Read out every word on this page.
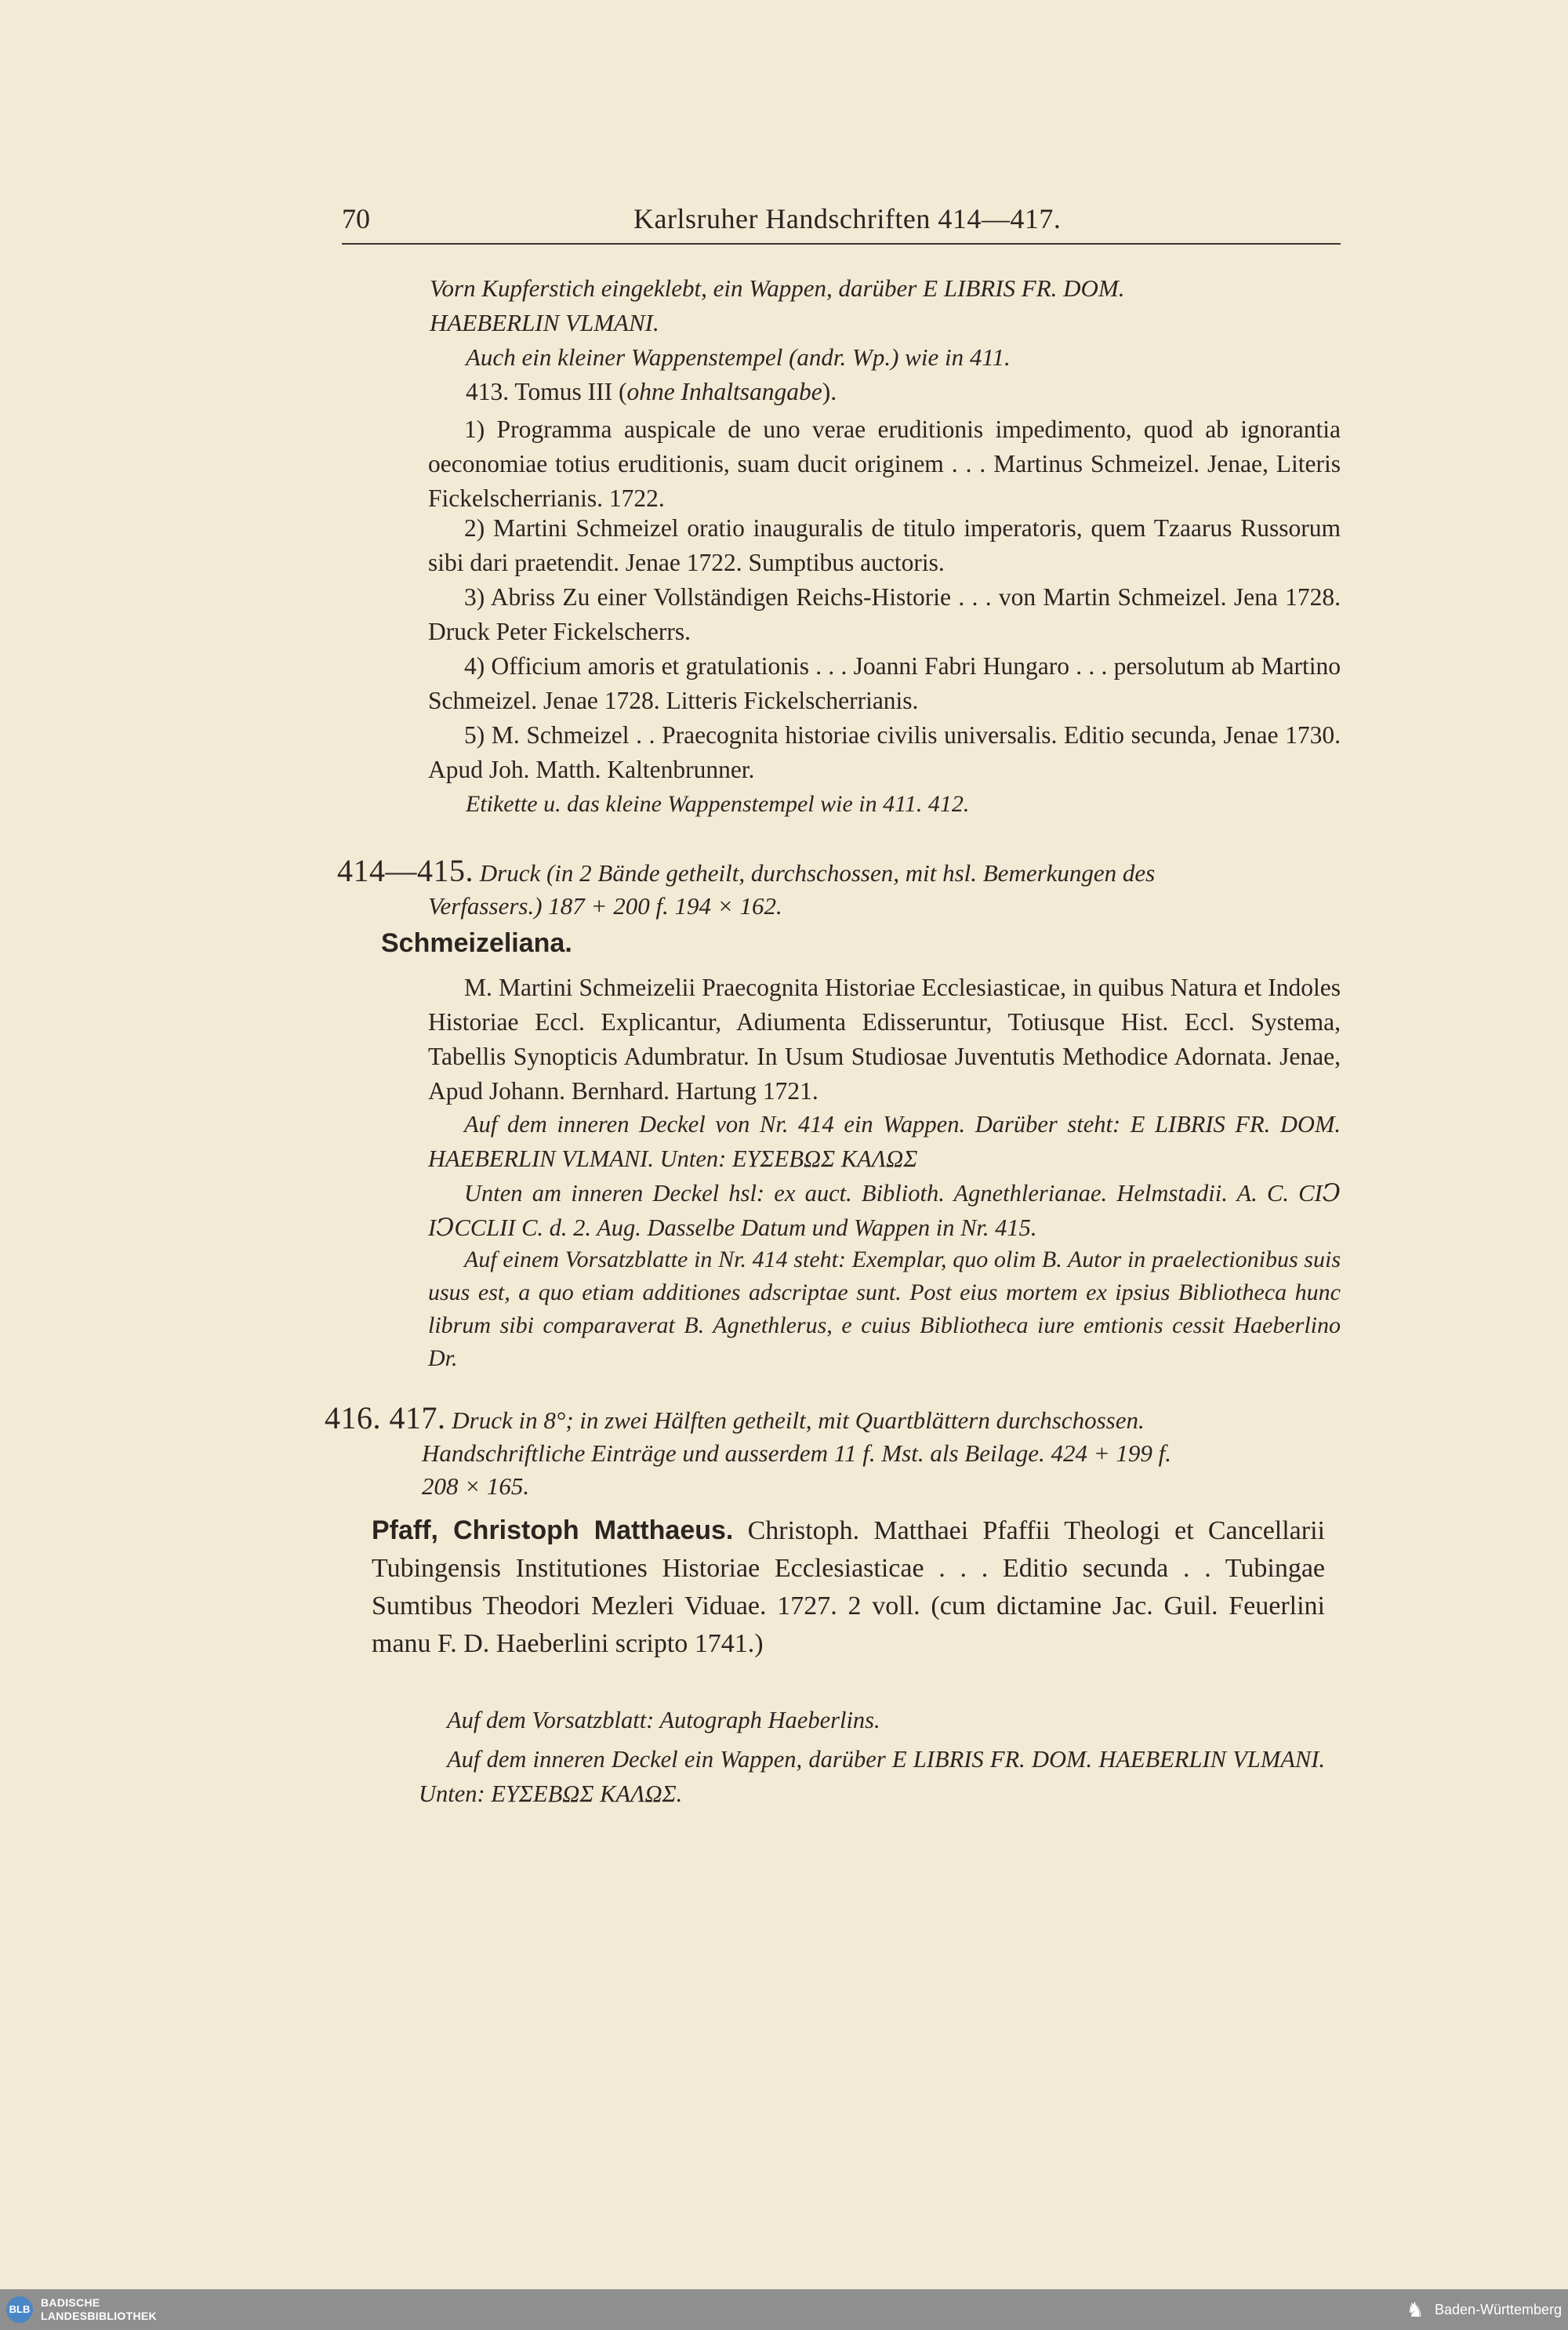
70	Karlsruher Handschriften 414—417.

Vorn Kupferstich eingeklebt, ein Wappen, darüber E LIBRIS FR. DOM.

HAEBERLIN VLMANI.

Auch ein kleiner Wappenstempel (andr. Wp.) wie in 411.

413. Tomus III (ohne Inhaltsangabe).

1) Programma auspicale de uno verae eruditionis impedimento, quod ab ignorantia oeconomiae totius eruditionis, suam ducit originem . . . Martinus Schmeizel. Jenae, Literis Fickelscherrianis. 1722.

2) Martini Schmeizel oratio inauguralis de titulo imperatoris, quem Tzaarus Russorum sibi dari praetendit. Jenae 1722. Sumptibus auctoris.

3) Abriss Zu einer Vollständigen Reichs-Historie . . . von Martin Schmeizel. Jena 1728. Druck Peter Fickelscherrs.

4) Officium amoris et gratulationis . . . Joanni Fabri Hungaro . . . persolutum ab Martino Schmeizel. Jenae 1728. Litteris Fickelscherrianis.

5) M. Schmeizel . . Praecognita historiae civilis universalis. Editio secunda, Jenae 1730. Apud Joh. Matth. Kaltenbrunner.

Etikette u. das kleine Wappenstempel wie in 411. 412.

414—415. Druck (in 2 Bände getheilt, durchschossen, mit hsl. Bemerkungen des
Verfassers.) 187 + 200 f. 194 × 162.

Schmeizeliana.

M. Martini Schmeizelii Praecognita Historiae Ecclesiasticae, in quibus Natura et Indoles Historiae Eccl. Explicantur, Adiumenta Edisseruntur, Totiusque Hist. Eccl. Systema, Tabellis Synopticis Adumbratur. In Usum Studiosae Juventutis Methodice Adornata. Jenae, Apud Johann. Bernhard. Hartung 1721.

Auf dem inneren Deckel von Nr. 414 ein Wappen. Darüber steht: E LIBRIS FR. DOM. HAEBERLIN VLMANI. Unten: ΕΥΣΕΒΩΣ ΚΑΛΩΣ

Unten am inneren Deckel hsl: ex auct. Biblioth. Agnethlerianae. Helmstadii. A. C. CIↃ IↃCCLII C. d. 2. Aug. Dasselbe Datum und Wappen in Nr. 415.

Auf einem Vorsatzblatte in Nr. 414 steht: Exemplar, quo olim B. Autor in praelectionibus suis usus est, a quo etiam additiones adscriptae sunt. Post eius mortem ex ipsius Bibliotheca hunc librum sibi comparaverat B. Agnethlerus, e cuius Bibliotheca iure emtionis cessit Haeberlino Dr.

416. 417. Druck in 8°; in zwei Hälften getheilt, mit Quartblättern durchschossen.
Handschriftliche Einträge und ausserdem 11 f. Mst. als Beilage. 424 + 199 f.
208 × 165.

Pfaff, Christoph Matthaeus. Christoph. Matthaei Pfaffii Theologi et Cancellarii Tubingensis Institutiones Historiae Ecclesiasticae . . . Editio secunda . . Tubingae Sumtibus Theodori Mezleri Viduae. 1727. 2 voll. (cum dictamine Jac. Guil. Feuerlini manu F. D. Haeberlini scripto 1741.)

Auf dem Vorsatzblatt: Autograph Haeberlins.

Auf dem inneren Deckel ein Wappen, darüber E LIBRIS FR. DOM. HAEBERLIN VLMANI. Unten: ΕΥΣΕΒΩΣ ΚΑΛΩΣ.

BLB
BADISCHE
LANDESBIBLIOTHEK	♞ Baden-Württemberg
